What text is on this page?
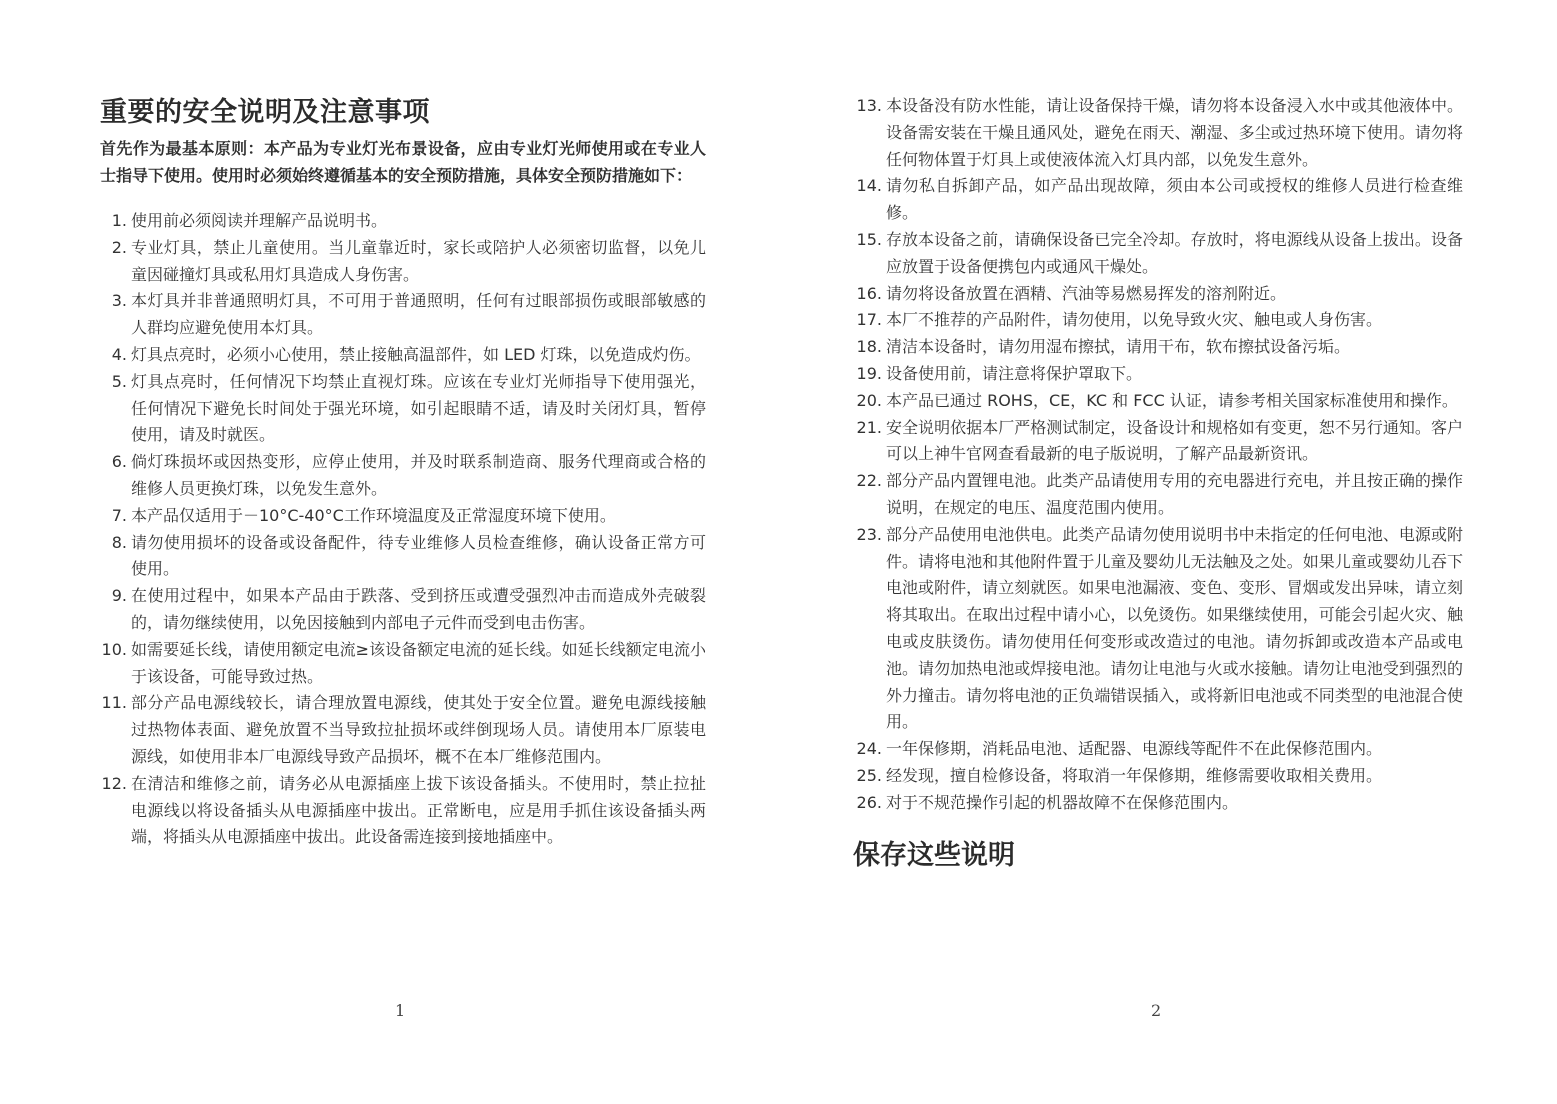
重要的安全说明及注意事项

首先作为最基本原则：本产品为专业灯光布景设备，应由专业灯光师使用或在专业人士指导下使用。使用时必须始终遵循基本的安全预防措施，具体安全预防措施如下：

1. 使用前必须阅读并理解产品说明书。
2. 专业灯具，禁止儿童使用。当儿童靠近时，家长或陪护人必须密切监督，以免儿童因碰撞灯具或私用灯具造成人身伤害。
3. 本灯具并非普通照明灯具，不可用于普通照明，任何有过眼部损伤或眼部敏感的人群均应避免使用本灯具。
4. 灯具点亮时，必须小心使用，禁止接触高温部件，如 LED 灯珠，以免造成灼伤。
5. 灯具点亮时，任何情况下均禁止直视灯珠。应该在专业灯光师指导下使用强光，任何情况下避免长时间处于强光环境，如引起眼睛不适，请及时关闭灯具，暂停使用，请及时就医。
6. 倘灯珠损坏或因热变形，应停止使用，并及时联系制造商、服务代理商或合格的维修人员更换灯珠，以免发生意外。
7. 本产品仅适用于－10°C-40°C工作环境温度及正常湿度环境下使用。
8. 请勿使用损坏的设备或设备配件，待专业维修人员检查维修，确认设备正常方可使用。
9. 在使用过程中，如果本产品由于跌落、受到挤压或遭受强烈冲击而造成外壳破裂的，请勿继续使用，以免因接触到内部电子元件而受到电击伤害。
10. 如需要延长线，请使用额定电流≥该设备额定电流的延长线。如延长线额定电流小于该设备，可能导致过热。
11. 部分产品电源线较长，请合理放置电源线，使其处于安全位置。避免电源线接触过热物体表面、避免放置不当导致拉扯损坏或绊倒现场人员。请使用本厂原装电源线，如使用非本厂电源线导致产品损坏，概不在本厂维修范围内。
12. 在清洁和维修之前，请务必从电源插座上拔下该设备插头。不使用时，禁止拉扯电源线以将设备插头从电源插座中拔出。正常断电，应是用手抓住该设备插头两端，将插头从电源插座中拔出。此设备需连接到接地插座中。
1
13. 本设备没有防水性能，请让设备保持干燥，请勿将本设备浸入水中或其他液体中。设备需安装在干燥且通风处，避免在雨天、潮湿、多尘或过热环境下使用。请勿将任何物体置于灯具上或使液体流入灯具内部，以免发生意外。
14. 请勿私自拆卸产品，如产品出现故障，须由本公司或授权的维修人员进行检查维修。
15. 存放本设备之前，请确保设备已完全冷却。存放时，将电源线从设备上拔出。设备应放置于设备便携包内或通风干燥处。
16. 请勿将设备放置在酒精、汽油等易燃易挥发的溶剂附近。
17. 本厂不推荐的产品附件，请勿使用，以免导致火灾、触电或人身伤害。
18. 清洁本设备时，请勿用湿布擦拭，请用干布，软布擦拭设备污垢。
19. 设备使用前，请注意将保护罩取下。
20. 本产品已通过 ROHS，CE，KC 和 FCC 认证，请参考相关国家标准使用和操作。
21. 安全说明依据本厂严格测试制定，设备设计和规格如有变更，恕不另行通知。客户可以上神牛官网查看最新的电子版说明，了解产品最新资讯。
22. 部分产品内置锂电池。此类产品请使用专用的充电器进行充电，并且按正确的操作说明，在规定的电压、温度范围内使用。
23. 部分产品使用电池供电。此类产品请勿使用说明书中未指定的任何电池、电源或附件。请将电池和其他附件置于儿童及婴幼儿无法触及之处。如果儿童或婴幼儿吞下电池或附件，请立刻就医。如果电池漏液、变色、变形、冒烟或发出异味，请立刻将其取出。在取出过程中请小心，以免烫伤。如果继续使用，可能会引起火灾、触电或皮肤烫伤。请勿使用任何变形或改造过的电池。请勿拆卸或改造本产品或电池。请勿加热电池或焊接电池。请勿让电池与火或水接触。请勿让电池受到强烈的外力撞击。请勿将电池的正负端错误插入，或将新旧电池或不同类型的电池混合使用。
24. 一年保修期，消耗品电池、适配器、电源线等配件不在此保修范围内。
25. 经发现，擅自检修设备，将取消一年保修期，维修需要收取相关费用。
26. 对于不规范操作引起的机器故障不在保修范围内。
保存这些说明
2
